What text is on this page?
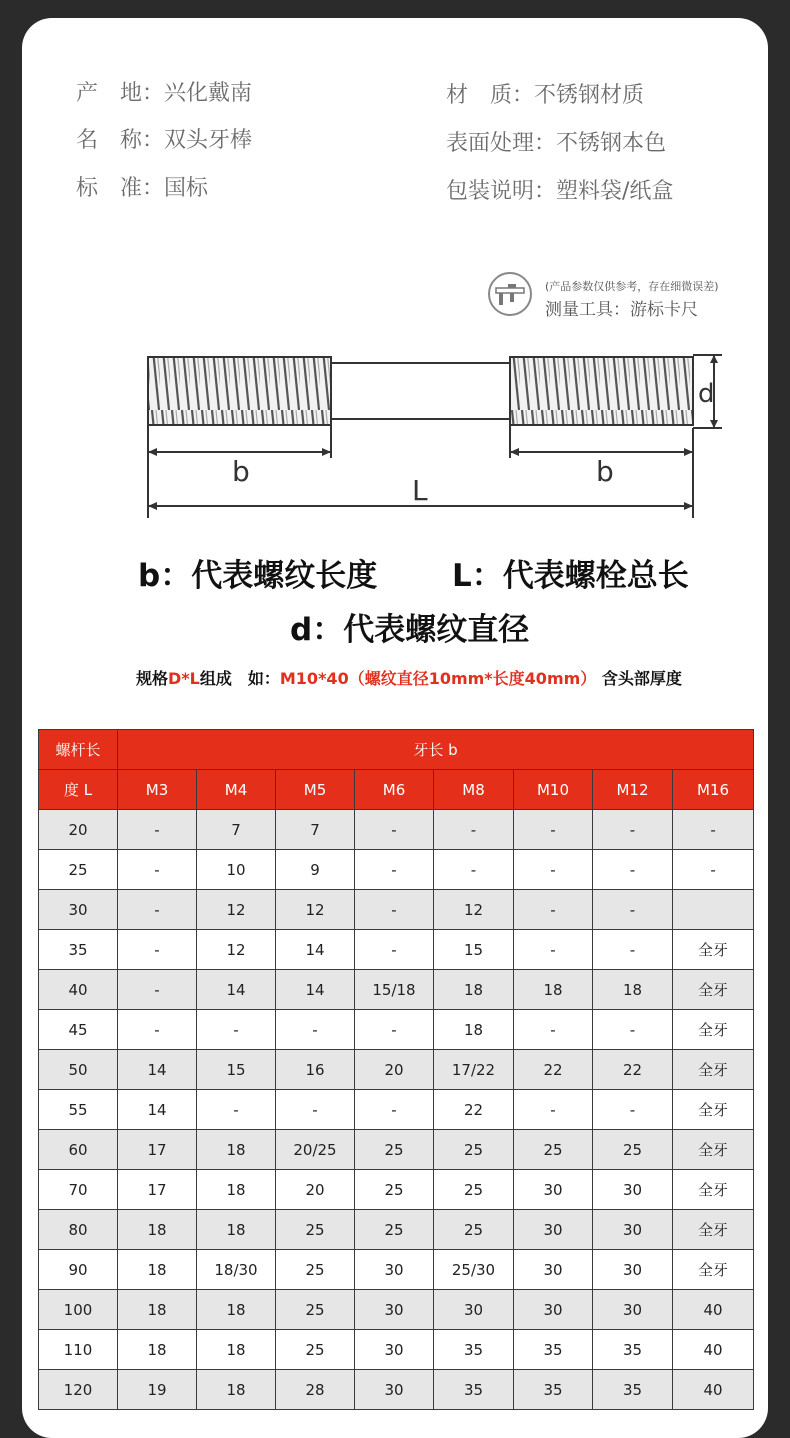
产　地：兴化戴南
名　称：双头牙棒
标　准：国标
材　质：不锈钢材质
表面处理：不锈钢本色
包装说明：塑料袋/纸盒
(产品参数仅供参考，存在细微误差)
测量工具：游标卡尺
d
b	b
L
b：代表螺纹长度 L：代表螺栓总长
d：代表螺纹直径
规格D*L组成　如：M10*40（螺纹直径10mm*长度40mm） 含头部厚度
螺杆长	牙长 b							
度 L	M3	M4	M5	M6	M8	M10	M12	M16
20	-	7	7	-	-	-	-	-
25	-	10	9	-	-	-	-	-
30	-	12	12	-	12	-	-	
35	-	12	14	-	15	-	-	全牙
40	-	14	14	15/18	18	18	18	全牙
45	-	-	-	-	18	-	-	全牙
50	14	15	16	20	17/22	22	22	全牙
55	14	-	-	-	22	-	-	全牙
60	17	18	20/25	25	25	25	25	全牙
70	17	18	20	25	25	30	30	全牙
80	18	18	25	25	25	30	30	全牙
90	18	18/30	25	30	25/30	30	30	全牙
100	18	18	25	30	30	30	30	40
110	18	18	25	30	35	35	35	40
120	19	18	28	30	35	35	35	40
